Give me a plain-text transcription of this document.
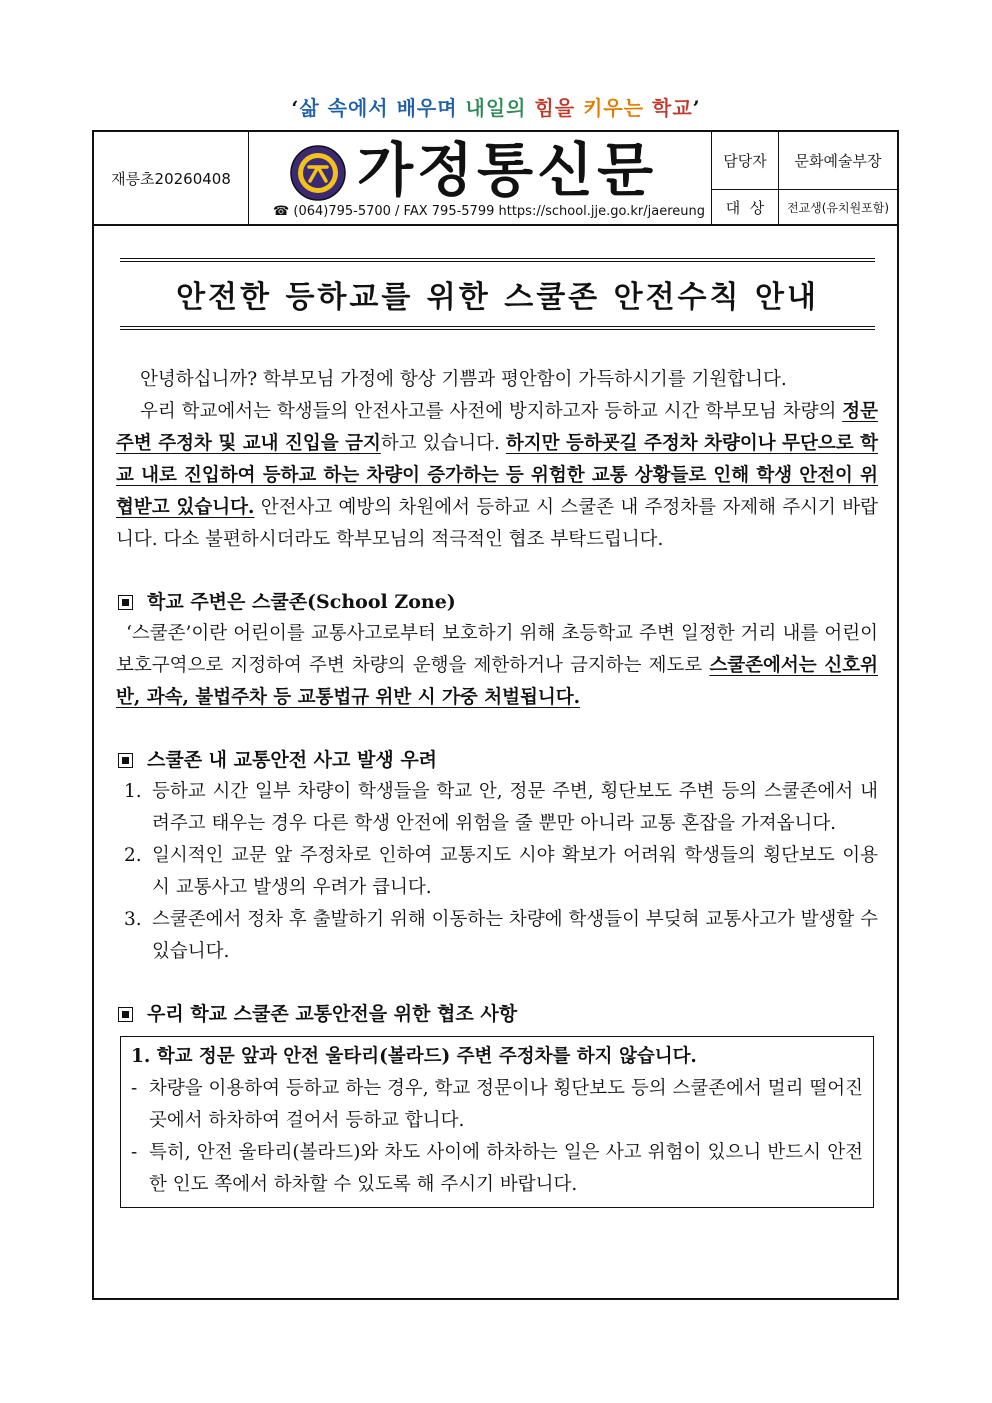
‘삶 속에서 배우며 내일의 힘을 키우는 학교’
재릉초20260408	가정통신문
☎ (064)795-5700 / FAX 795-5799 https://school.jje.go.kr/jaereung
담당자	문화예술부장
대  상	전교생(유치원포함)
안전한 등하교를 위한 스쿨존 안전수칙 안내

안녕하십니까? 학부모님 가정에 항상 기쁨과 평안함이 가득하시기를 기원합니다.

우리 학교에서는 학생들의 안전사고를 사전에 방지하고자 등하교 시간 학부모님 차량의 정문 주변 주정차 및 교내 진입을 금지하고 있습니다. 하지만 등하굣길 주정차 차량이나 무단으로 학교 내로 진입하여 등하교 하는 차량이 증가하는 등 위험한 교통 상황들로 인해 학생 안전이 위협받고 있습니다. 안전사고 예방의 차원에서 등하교 시 스쿨존 내 주정차를 자제해 주시기 바랍니다. 다소 불편하시더라도 학부모님의 적극적인 협조 부탁드립니다.

학교 주변은 스쿨존(School Zone)

‘스쿨존’이란 어린이를 교통사고로부터 보호하기 위해 초등학교 주변 일정한 거리 내를 어린이 보호구역으로 지정하여 주변 차량의 운행을 제한하거나 금지하는 제도로 스쿨존에서는 신호위반, 과속, 불법주차 등 교통법규 위반 시 가중 처벌됩니다.

스쿨존 내 교통안전 사고 발생 우려
1. 등하교 시간 일부 차량이 학생들을 학교 안, 정문 주변, 횡단보도 주변 등의 스쿨존에서 내려주고 태우는 경우 다른 학생 안전에 위험을 줄 뿐만 아니라 교통 혼잡을 가져옵니다.
2. 일시적인 교문 앞 주정차로 인하여 교통지도 시야 확보가 어려워 학생들의 횡단보도 이용 시 교통사고 발생의 우려가 큽니다.
3. 스쿨존에서 정차 후 출발하기 위해 이동하는 차량에 학생들이 부딪혀 교통사고가 발생할 수 있습니다.
우리 학교 스쿨존 교통안전을 위한 협조 사항
1. 학교 정문 앞과 안전 울타리(볼라드) 주변 주정차를 하지 않습니다.
- 차량을 이용하여 등하교 하는 경우, 학교 정문이나 횡단보도 등의 스쿨존에서 멀리 떨어진 곳에서 하차하여 걸어서 등하교 합니다.
- 특히, 안전 울타리(볼라드)와 차도 사이에 하차하는 일은 사고 위험이 있으니 반드시 안전한 인도 쪽에서 하차할 수 있도록 해 주시기 바랍니다.
